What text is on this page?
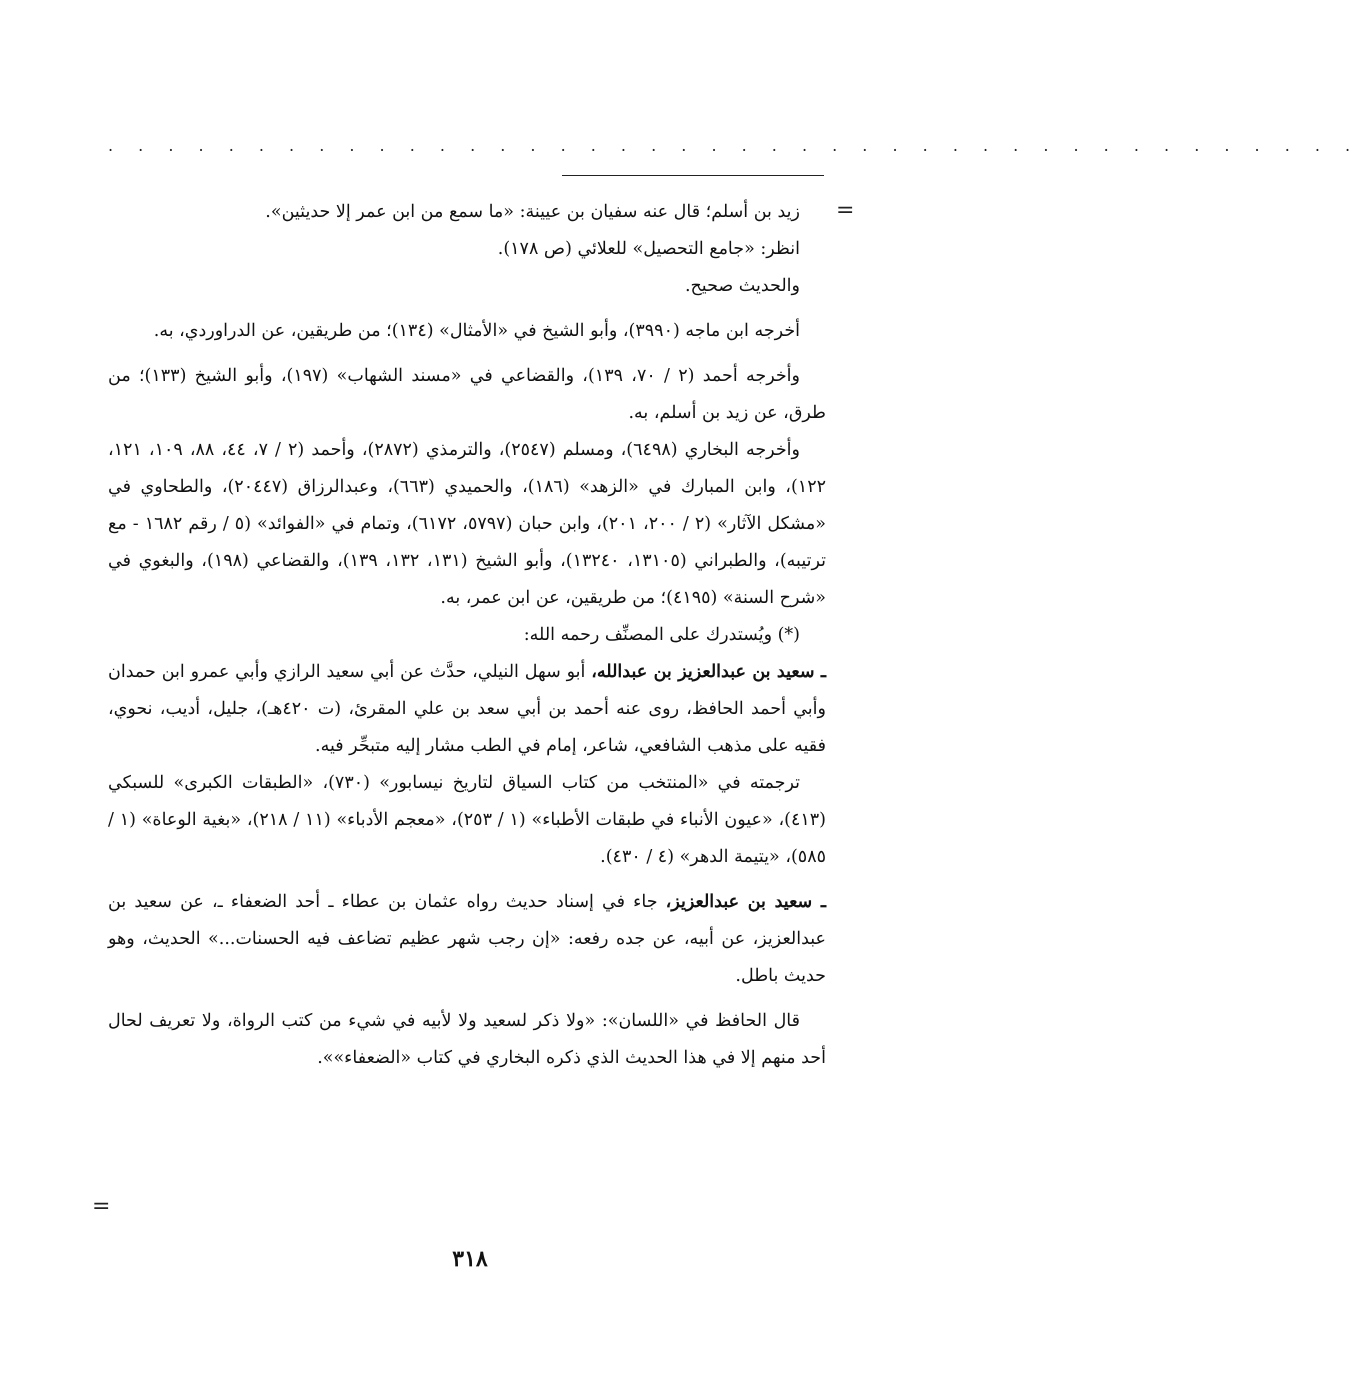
. . . . . . . . . . . . . . . . . . . . . . . . . . . . . . . . . . . . . . . . . .
=

زيد بن أسلم؛ قال عنه سفيان بن عيينة: «ما سمع من ابن عمر إلا حديثين».

انظر: «جامع التحصيل» للعلائي (ص ١٧٨).

والحديث صحيح.

أخرجه ابن ماجه (٣٩٩٠)، وأبو الشيخ في «الأمثال» (١٣٤)؛ من طريقين، عن الدراوردي، به.

وأخرجه أحمد (٢ / ٧٠، ١٣٩)، والقضاعي في «مسند الشهاب» (١٩٧)، وأبو الشيخ (١٣٣)؛ من طرق، عن زيد بن أسلم، به.

وأخرجه البخاري (٦٤٩٨)، ومسلم (٢٥٤٧)، والترمذي (٢٨٧٢)، وأحمد (٢ / ٧، ٤٤، ٨٨، ١٠٩، ١٢١، ١٢٢)، وابن المبارك في «الزهد» (١٨٦)، والحميدي (٦٦٣)، وعبدالرزاق (٢٠٤٤٧)، والطحاوي في «مشكل الآثار» (٢ / ٢٠٠، ٢٠١)، وابن حبان (٥٧٩٧، ٦١٧٢)، وتمام في «الفوائد» (٥ / رقم ١٦٨٢ - مع ترتيبه)، والطبراني (١٣١٠٥، ١٣٢٤٠)، وأبو الشيخ (١٣١، ١٣٢، ١٣٩)، والقضاعي (١٩٨)، والبغوي في «شرح السنة» (٤١٩٥)؛ من طريقين، عن ابن عمر، به.

(*) ويُستدرك على المصنِّف رحمه الله:

ـ سعيد بن عبدالعزيز بن عبدالله، أبو سهل النيلي، حدَّث عن أبي سعيد الرازي وأبي عمرو ابن حمدان وأبي أحمد الحافظ، روى عنه أحمد بن أبي سعد بن علي المقرئ، (ت ٤٢٠هـ)، جليل، أديب، نحوي، فقيه على مذهب الشافعي، شاعر، إمام في الطب مشار إليه متبحِّر فيه.

ترجمته في «المنتخب من كتاب السياق لتاريخ نيسابور» (٧٣٠)، «الطبقات الكبرى» للسبكي (٤١٣)، «عيون الأنباء في طبقات الأطباء» (١ / ٢٥٣)، «معجم الأدباء» (١١ / ٢١٨)، «بغية الوعاة» (١ / ٥٨٥)، «يتيمة الدهر» (٤ / ٤٣٠).

ـ سعيد بن عبدالعزيز، جاء في إسناد حديث رواه عثمان بن عطاء ـ أحد الضعفاء ـ، عن سعيد بن عبدالعزيز، عن أبيه، عن جده رفعه: «إن رجب شهر عظيم تضاعف فيه الحسنات...» الحديث، وهو حديث باطل.

قال الحافظ في «اللسان»: «ولا ذكر لسعيد ولا لأبيه في شيء من كتب الرواة، ولا تعريف لحال أحد منهم إلا في هذا الحديث الذي ذكره البخاري في كتاب «الضعفاء»».

=
٣١٨
